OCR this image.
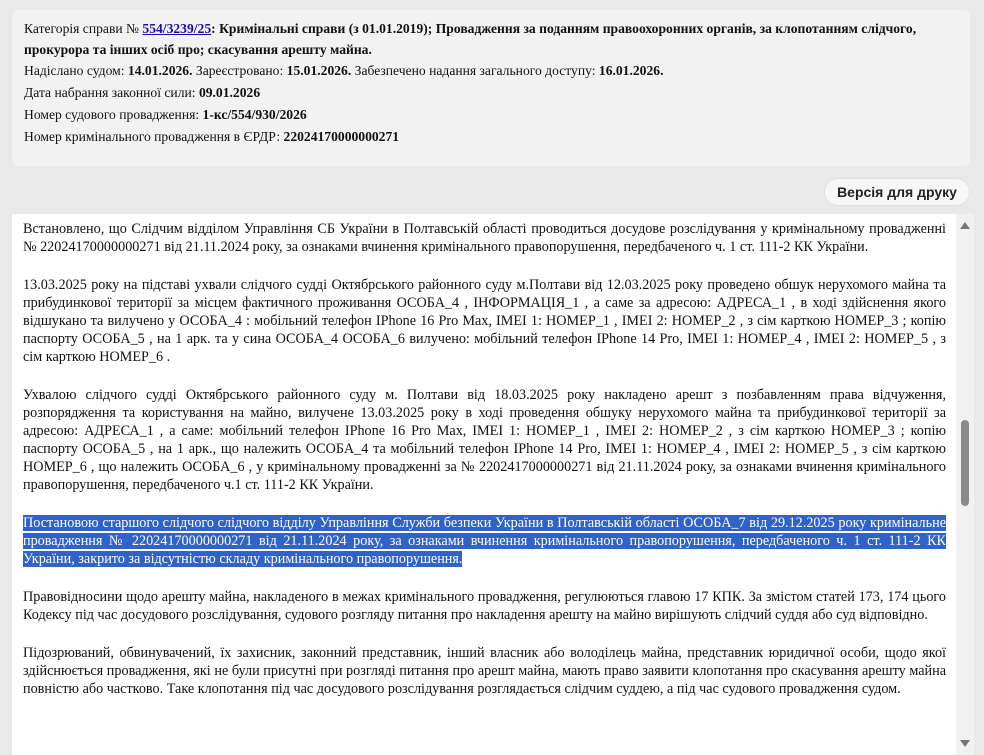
Категорія справи № 554/3239/25: Кримінальні справи (з 01.01.2019); Провадження за поданням правоохоронних органів, за клопотанням слідчого, прокурора та інших осіб про; скасування арешту майна.
Надіслано судом: 14.01.2026. Зареєстровано: 15.01.2026. Забезпечено надання загального доступу: 16.01.2026.
Дата набрання законної сили: 09.01.2026
Номер судового провадження: 1-кс/554/930/2026
Номер кримінального провадження в ЄРДР: 22024170000000271
Версія для друку

Встановлено, що Слідчим відділом Управління СБ України в Полтавській області проводиться досудове розслідування у кримінальному провадженні № 22024170000000271 від 21.11.2024 року, за ознаками вчинення кримінального правопорушення, передбаченого ч. 1 ст. 111-2 КК України.

13.03.2025 року на підставі ухвали слідчого судді Октябрського районного суду м.Полтави від 12.03.2025 року проведено обшук нерухомого майна та прибудинкової території за місцем фактичного проживання ОСОБА_4 , ІНФОРМАЦІЯ_1 , а саме за адресою: АДРЕСА_1 , в ході здійснення якого відшукано та вилучено у ОСОБА_4 : мобільний телефон IPhone 16 Pro Max, IMEI 1: НОМЕР_1 , IMEI 2: НОМЕР_2 , з сім карткою НОМЕР_3 ; копію паспорту ОСОБА_5 , на 1 арк. та у сина ОСОБА_4 ОСОБА_6 вилучено: мобільний телефон IPhone 14 Pro, IMEI 1: НОМЕР_4 , IMEI 2: НОМЕР_5 , з сім карткою НОМЕР_6 .

Ухвалою слідчого судді Октябрського районного суду м. Полтави від 18.03.2025 року накладено арешт з позбавленням права відчуження, розпорядження та користування на майно, вилучене 13.03.2025 року в ході проведення обшуку нерухомого майна та прибудинкової території за адресою: АДРЕСА_1 , а саме: мобільний телефон IPhone 16 Pro Max, IMEI 1: НОМЕР_1 , IMEI 2: НОМЕР_2 , з сім карткою НОМЕР_3 ; копію паспорту ОСОБА_5 , на 1 арк., що належить ОСОБА_4 та мобільний телефон IPhone 14 Pro, IMEI 1: НОМЕР_4 , IMEI 2: НОМЕР_5 , з сім карткою НОМЕР_6 , що належить ОСОБА_6 , у кримінальному провадженні за № 2202417000000271 від 21.11.2024 року, за ознаками вчинення кримінального правопорушення, передбаченого ч.1 ст. 111-2 КК України.

Постановою старшого слідчого слідчого відділу Управління Служби безпеки України в Полтавській області ОСОБА_7 від 29.12.2025 року кримінальне провадження № 22024170000000271 від 21.11.2024 року, за ознаками вчинення кримінального правопорушення, передбаченого ч. 1 ст. 111-2 КК України, закрито за відсутністю складу кримінального правопорушення.

Правовідносини щодо арешту майна, накладеного в межах кримінального провадження, регулюються главою 17 КПК. За змістом статей 173, 174 цього Кодексу під час досудового розслідування, судового розгляду питання про накладення арешту на майно вирішують слідчий суддя або суд відповідно.

Підозрюваний, обвинувачений, їх захисник, законний представник, інший власник або володілець майна, представник юридичної особи, щодо якої здійснюється провадження, які не були присутні при розгляді питання про арешт майна, мають право заявити клопотання про скасування арешту майна повністю або частково. Таке клопотання під час досудового розслідування розглядається слідчим суддею, а під час судового провадження судом.
